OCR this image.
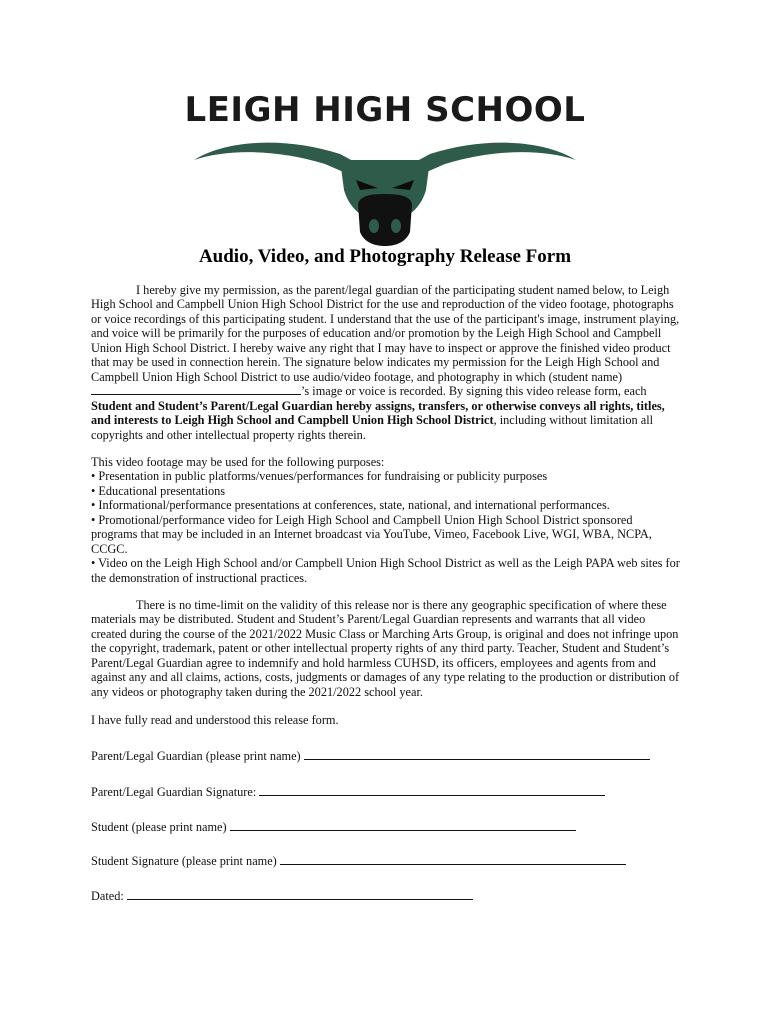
LEIGH HIGH SCHOOL
Audio, Video, and Photography Release Form

I hereby give my permission, as the parent/legal guardian of the participating student named below, to Leigh High School and Campbell Union High School District for the use and reproduction of the video footage, photographs or voice recordings of this participating student. I understand that the use of the participant's image, instrument playing, and voice will be primarily for the purposes of education and/or promotion by the Leigh High School and Campbell Union High School District. I hereby waive any right that I may have to inspect or approve the finished video product that may be used in connection herein. The signature below indicates my permission for the Leigh High School and Campbell Union High School District to use audio/video footage, and photography in which (student name) ’s image or voice is recorded. By signing this video release form, each Student and Student’s Parent/Legal Guardian hereby assigns, transfers, or otherwise conveys all rights, titles, and interests to Leigh High School and Campbell Union High School District, including without limitation all copyrights and other intellectual property rights therein.

This video footage may be used for the following purposes:

• Presentation in public platforms/venues/performances for fundraising or publicity purposes

• Educational presentations

• Informational/performance presentations at conferences, state, national, and international performances.

• Promotional/performance video for Leigh High School and Campbell Union High School District sponsored programs that may be included in an Internet broadcast via YouTube, Vimeo, Facebook Live, WGI, WBA, NCPA, CCGC.

• Video on the Leigh High School and/or Campbell Union High School District as well as the Leigh PAPA web sites for the demonstration of instructional practices.

There is no time-limit on the validity of this release nor is there any geographic specification of where these materials may be distributed. Student and Student’s Parent/Legal Guardian represents and warrants that all video created during the course of the 2021/2022 Music Class or Marching Arts Group, is original and does not infringe upon the copyright, trademark, patent or other intellectual property rights of any third party. Teacher, Student and Student’s Parent/Legal Guardian agree to indemnify and hold harmless CUHSD, its officers, employees and agents from and against any and all claims, actions, costs, judgments or damages of any type relating to the production or distribution of any videos or photography taken during the 2021/2022 school year.

I have fully read and understood this release form.

Parent/Legal Guardian (please print name)
Parent/Legal Guardian Signature:
Student (please print name)
Student Signature (please print name)
Dated:
